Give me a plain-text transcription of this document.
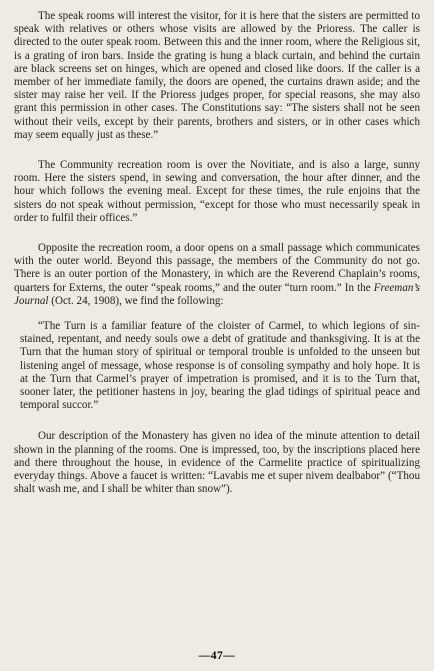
The speak rooms will interest the visitor, for it is here that the sisters are permitted to speak with relatives or others whose visits are allowed by the Prioress. The caller is directed to the outer speak room. Between this and the inner room, where the Religious sit, is a grating of iron bars. Inside the grating is hung a black curtain, and behind the curtain are black screens set on hinges, which are opened and closed like doors. If the caller is a member of her immediate family, the doors are opened, the curtains drawn aside; and the sister may raise her veil. If the Prioress judges proper, for special reasons, she may also grant this permission in other cases. The Constitutions say: “The sisters shall not be seen without their veils, except by their parents, brothers and sisters, or in other cases which may seem equally just as these.”

The Community recreation room is over the Novitiate, and is also a large, sunny room. Here the sisters spend, in sewing and conversation, the hour after dinner, and the hour which follows the evening meal. Except for these times, the rule enjoins that the sisters do not speak without permission, “except for those who must necessarily speak in order to fulfil their offices.”

Opposite the recreation room, a door opens on a small passage which communicates with the outer world. Beyond this passage, the members of the Community do not go. There is an outer portion of the Monastery, in which are the Reverend Chaplain’s rooms, quarters for Externs, the outer “speak rooms,” and the outer “turn room.” In the Freeman’s Journal (Oct. 24, 1908), we find the following:

“The Turn is a familiar feature of the cloister of Carmel, to which legions of sin-stained, repentant, and needy souls owe a debt of gratitude and thanksgiving. It is at the Turn that the human story of spiritual or temporal trouble is unfolded to the unseen but listening angel of message, whose response is of consoling sympathy and holy hope. It is at the Turn that Carmel’s prayer of impetration is promised, and it is to the Turn that, sooner later, the petitioner hastens in joy, bearing the glad tidings of spiritual peace and temporal succor.”

Our description of the Monastery has given no idea of the minute attention to detail shown in the planning of the rooms. One is impressed, too, by the inscriptions placed here and there throughout the house, in evidence of the Carmelite practice of spiritualizing everyday things. Above a faucet is written: “Lavabis me et super nivem dealbabor” (“Thou shalt wash me, and I shall be whiter than snow”).

—47—
